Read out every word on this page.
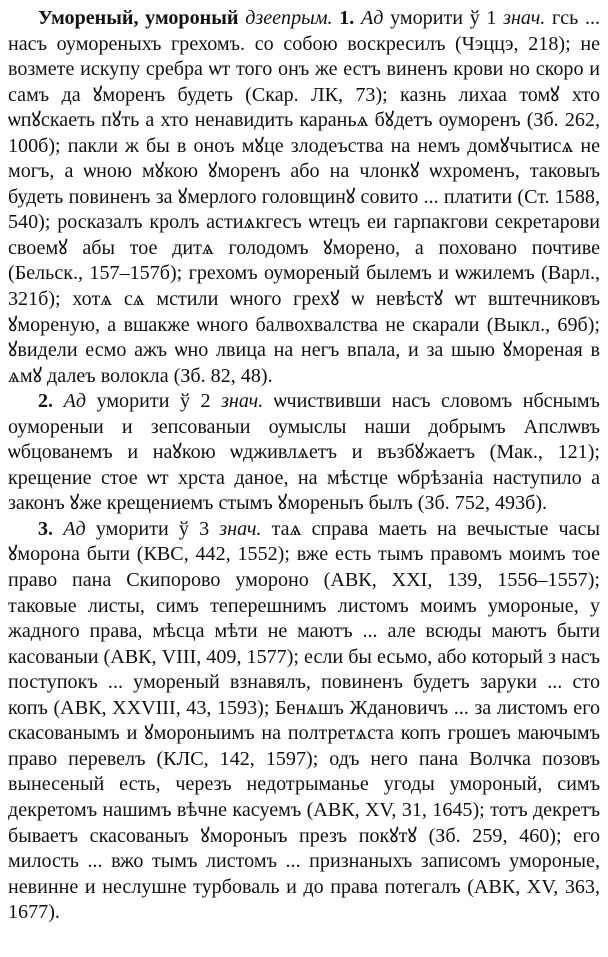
Умореный, умороный дзеепрым. 1. Ад уморити ў 1 знач. гсь ... насъ оумореныхъ грехомъ. со собою воскресилъ (Чэццэ, 218); не возмете искупу сребра ѡт того онъ же естъ виненъ крови но скоро и самъ да ꙋморенъ будеть (Скар. ЛК, 73); казнь лихаа томꙋ хто ѡпꙋскаеть пꙋть а хто ненавидить караньѧ бꙋдетъ оуморенъ (Зб. 262, 100б); пакли ж бы в оноъ мꙋце злодеъства на немъ домꙋчытисѧ не могъ, а ѡною мꙋкою ꙋморенъ або на члонкꙋ ѡхроменъ, таковыъ будеть повиненъ за ꙋмерлого головщинꙋ совито ... платити (Ст. 1588, 540); росказалъ кролъ астиѧкгесъ ѡтецъ еи гарпакгови секретарови своемꙋ абы тое дитѧ голодомъ ꙋморено, а похованo почтиве (Бельск., 157–157б); грехомъ оумореный былемъ и ѡжилемъ (Варл., 321б); хотѧ сѧ мстили ѡного грехꙋ ѡ невѣстꙋ ѡт вштечниковъ ꙋмореную, а вшакже ѡного балвохвалства не скарали (Выкл., 69б); ꙋвидели есмо ажъ ѡно лвица на негъ впала, и за шыю ꙋмореная в ѧмꙋ далеъ волокла (Зб. 82, 48).

2. Ад уморити ў 2 знач. ѡчиствивши насъ словомъ нбснымъ оумореныи и зепсованыи оумыслы наши добрымъ Апслѡвъ ѡбцованемъ и наꙋкою ѡдживлѧетъ и възбꙋжаетъ (Мак., 121); крещение стое ѡт хрста даное, на мѣстце ѡбрѣзаніа наступило а законъ ꙋже крещениемъ стымъ ꙋмореныъ былъ (Зб. 752, 493б).

3. Ад уморити ў 3 знач. таѧ справа маеть на вечыстые часы ꙋморона быти (КВС, 442, 1552); вже есть тымъ правомъ моимъ тое право пана Скипорово умороно (АВК, XXI, 139, 1556–1557); таковые листы, симъ теперешнимъ листомъ моимъ умороные, у жадного права, мѣсца мѣти не маютъ ... але всюды маютъ быти касованыи (АВК, VIII, 409, 1577); если бы есьмо, або который з насъ поступокъ ... умореный взнавялъ, повиненъ будетъ заруки ... сто копъ (АВК, XXVIII, 43, 1593); Бенѧшъ Ждановичъ ... за листомъ его скасованымъ и ꙋмороныимъ на полтретѧста копъ грошеъ маючымъ право перевелъ (КЛС, 142, 1597); одъ него пана Волчка позовъ вынесеный есть, черезъ недотрыманье угоды умороный, симъ декретомъ нашимъ вѣчне касуемъ (АВК, XV, 31, 1645); тотъ декретъ бываетъ скасованыъ ꙋмороныъ презъ покꙋтꙋ (Зб. 259, 460); его милость ... вжо тымъ листомъ ... признаныхъ записомъ умороные, невинне и неслушне турбоваль и до права потегалъ (АВК, XV, 363, 1677).
